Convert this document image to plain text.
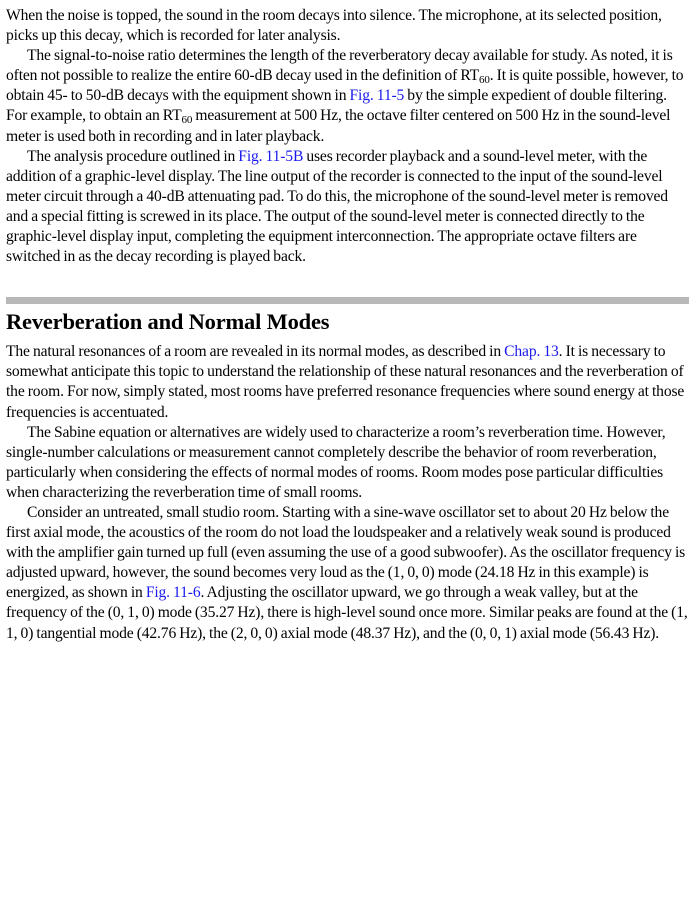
When the noise is topped, the sound in the room decays into silence. The microphone, at its selected position, picks up this decay, which is recorded for later analysis.

The signal-to-noise ratio determines the length of the reverberatory decay available for study. As noted, it is often not possible to realize the entire 60-dB decay used in the definition of $RT_{60}$. It is quite possible, however, to obtain 45- to 50-dB decays with the equipment shown in Fig. 11-5 by the simple expedient of double filtering. For example, to obtain an $RT_{60}$ measurement at 500 Hz, the octave filter centered on 500 Hz in the sound-level meter is used both in recording and in later playback.

The analysis procedure outlined in Fig. 11-5B uses recorder playback and a sound-level meter, with the addition of a graphic-level display. The line output of the recorder is connected to the input of the sound-level meter circuit through a 40-dB attenuating pad. To do this, the microphone of the sound-level meter is removed and a special fitting is screwed in its place. The output of the sound-level meter is connected directly to the graphic-level display input, completing the equipment interconnection. The appropriate octave filters are switched in as the decay recording is played back.

Reverberation and Normal Modes

The natural resonances of a room are revealed in its normal modes, as described in Chap. 13. It is necessary to somewhat anticipate this topic to understand the relationship of these natural resonances and the reverberation of the room. For now, simply stated, most rooms have preferred resonance frequencies where sound energy at those frequencies is accentuated.

The Sabine equation or alternatives are widely used to characterize a room’s reverberation time. However, single-number calculations or measurement cannot completely describe the behavior of room reverberation, particularly when considering the effects of normal modes of rooms. Room modes pose particular difficulties when characterizing the reverberation time of small rooms.

Consider an untreated, small studio room. Starting with a sine-wave oscillator set to about 20 Hz below the first axial mode, the acoustics of the room do not load the loudspeaker and a relatively weak sound is produced with the amplifier gain turned up full (even assuming the use of a good subwoofer). As the oscillator frequency is adjusted upward, however, the sound becomes very loud as the (1, 0, 0) mode (24.18 Hz in this example) is energized, as shown in Fig. 11-6. Adjusting the oscillator upward, we go through a weak valley, but at the frequency of the (0, 1, 0) mode (35.27 Hz), there is high-level sound once more. Similar peaks are found at the (1, 1, 0) tangential mode (42.76 Hz), the (2, 0, 0) axial mode (48.37 Hz), and the (0, 0, 1) axial mode (56.43 Hz).
